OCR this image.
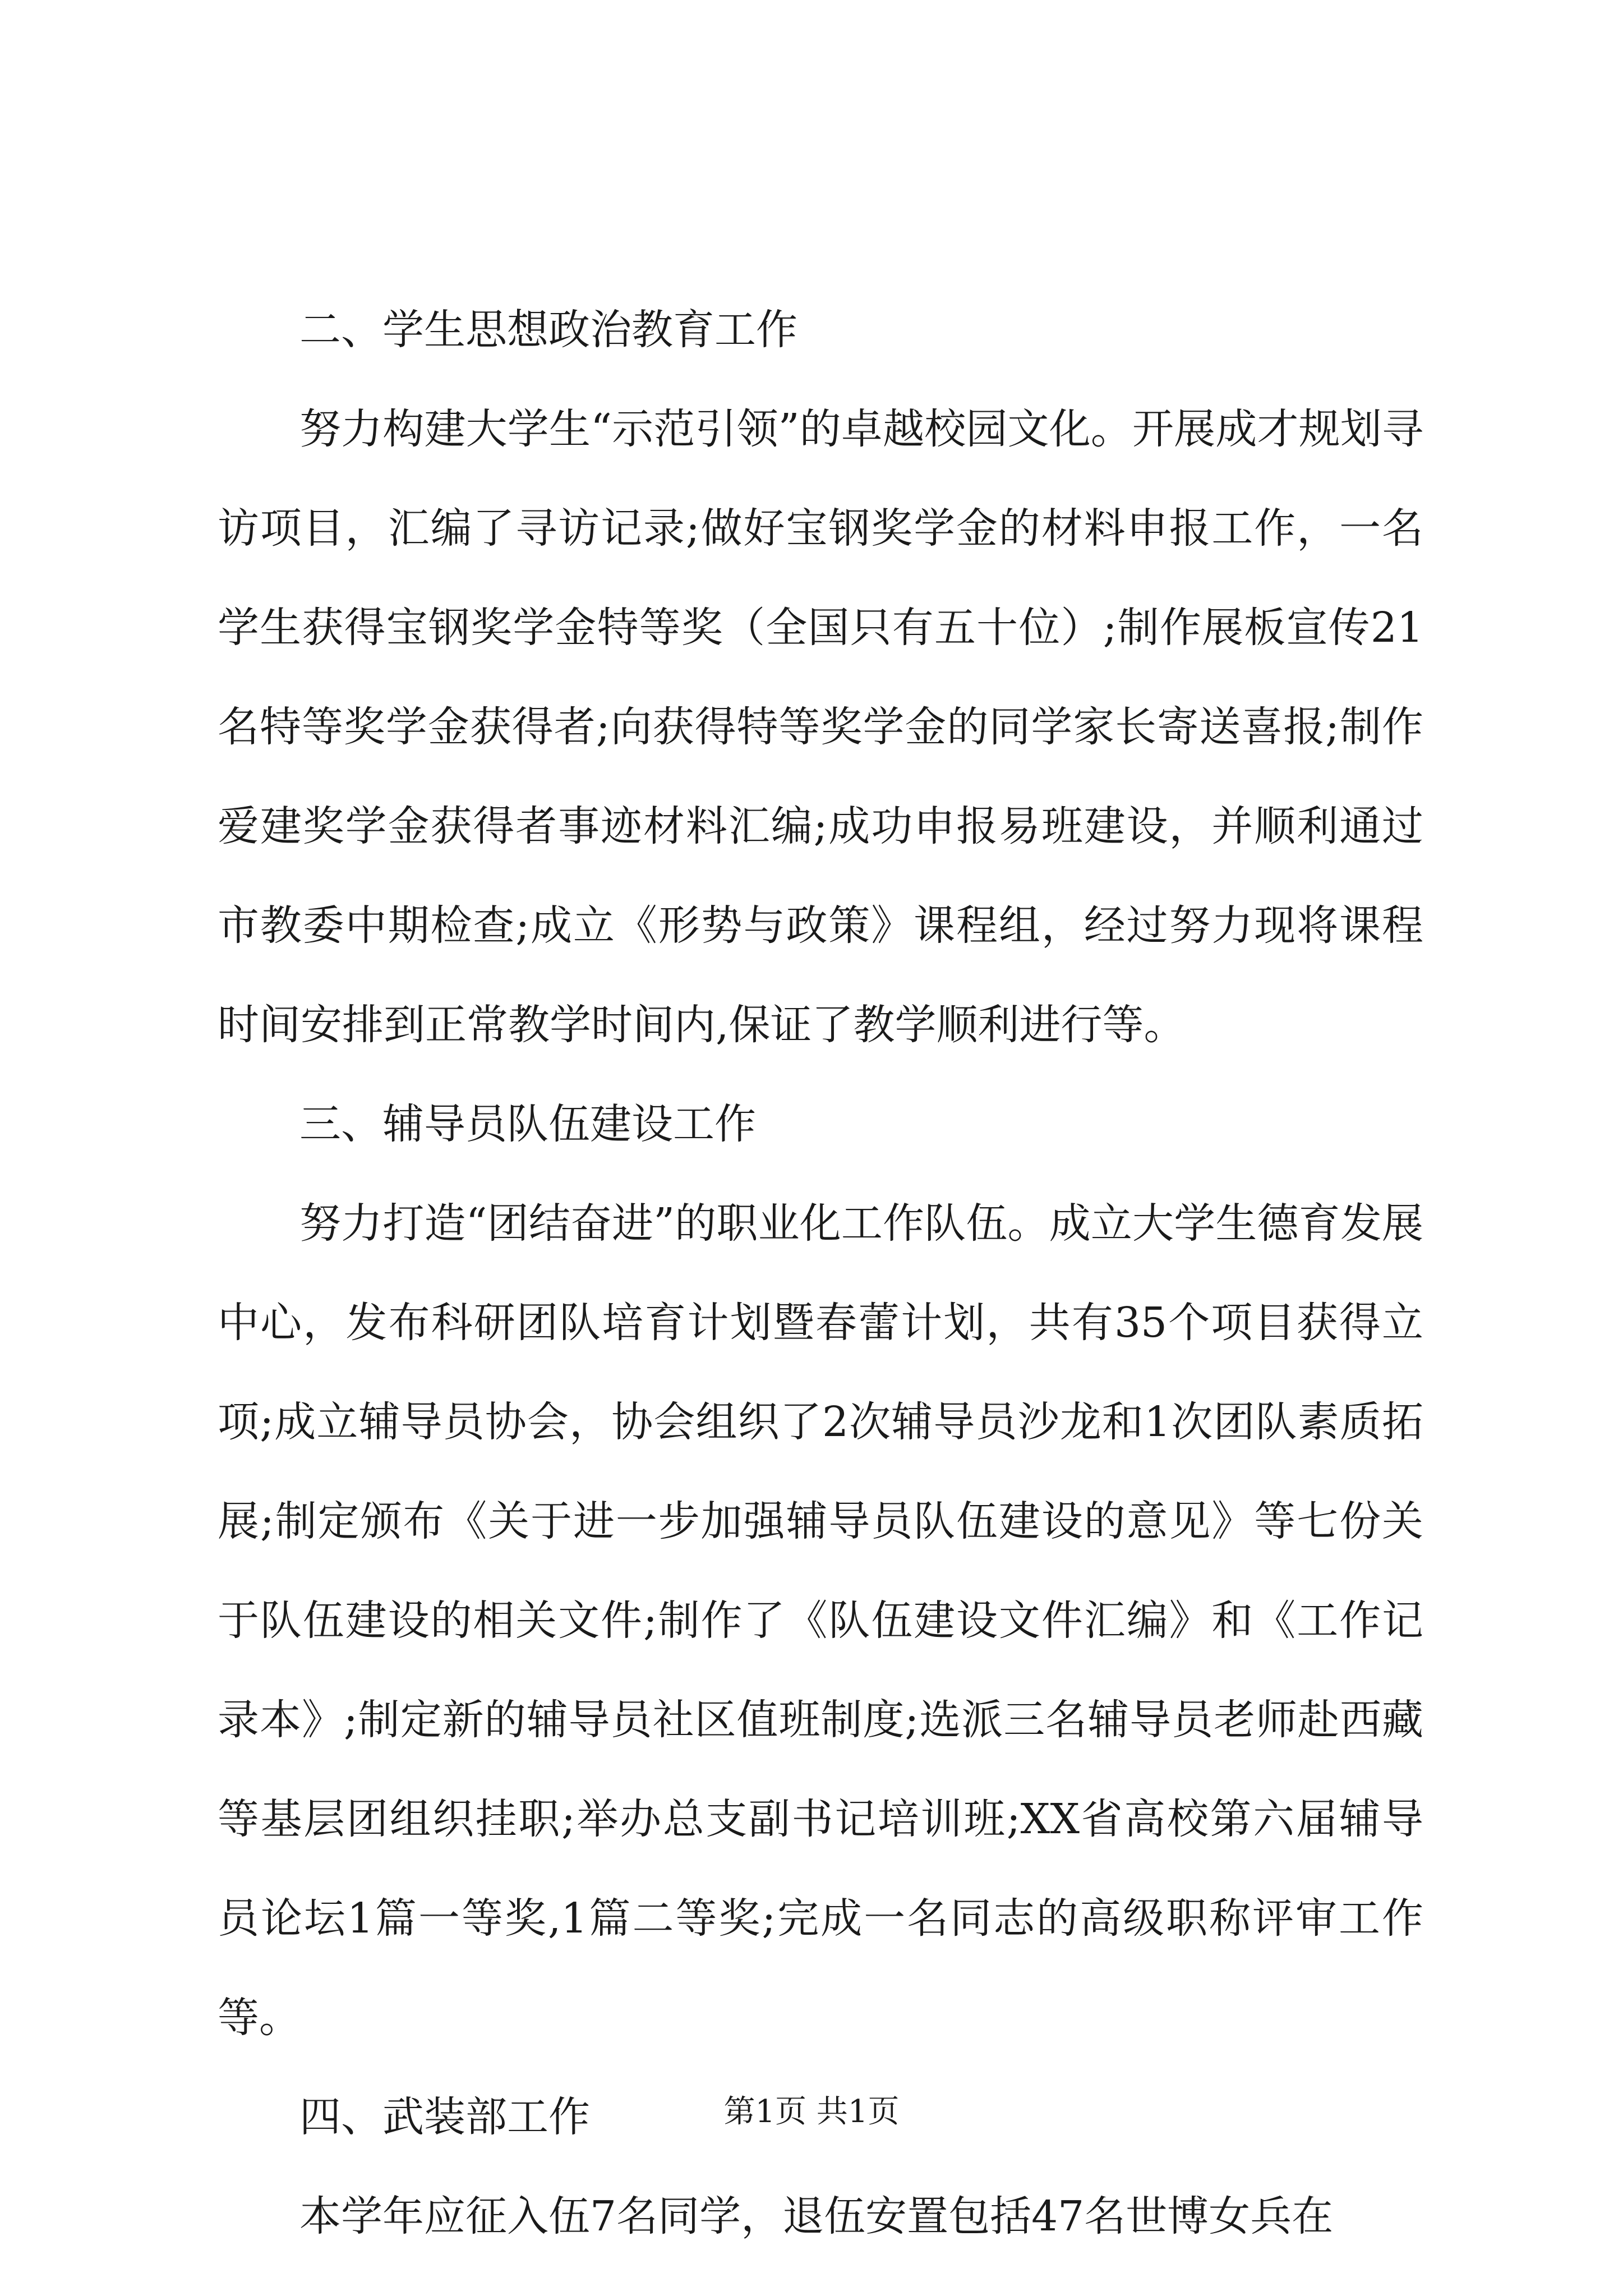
二、学生思想政治教育工作

努力构建大学生“示范引领”的卓越校园文化。开展成才规划寻访项目，汇编了寻访记录;做好宝钢奖学金的材料申报工作，一名学生获得宝钢奖学金特等奖（全国只有五十位）;制作展板宣传21名特等奖学金获得者;向获得特等奖学金的同学家长寄送喜报;制作爱建奖学金获得者事迹材料汇编;成功申报易班建设，并顺利通过市教委中期检查;成立《形势与政策》课程组，经过努力现将课程时间安排到正常教学时间内,保证了教学顺利进行等。

三、辅导员队伍建设工作

努力打造“团结奋进”的职业化工作队伍。成立大学生德育发展中心，发布科研团队培育计划暨春蕾计划，共有35个项目获得立项;成立辅导员协会，协会组织了2次辅导员沙龙和1次团队素质拓展;制定颁布《关于进一步加强辅导员队伍建设的意见》等七份关于队伍建设的相关文件;制作了《队伍建设文件汇编》和《工作记录本》;制定新的辅导员社区值班制度;选派三名辅导员老师赴西藏等基层团组织挂职;举办总支副书记培训班;XX省高校第六届辅导员论坛1篇一等奖,1篇二等奖;完成一名同志的高级职称评审工作等。

四、武装部工作

本学年应征入伍7名同学，退伍安置包括47名世博女兵在

第1页 共1页
